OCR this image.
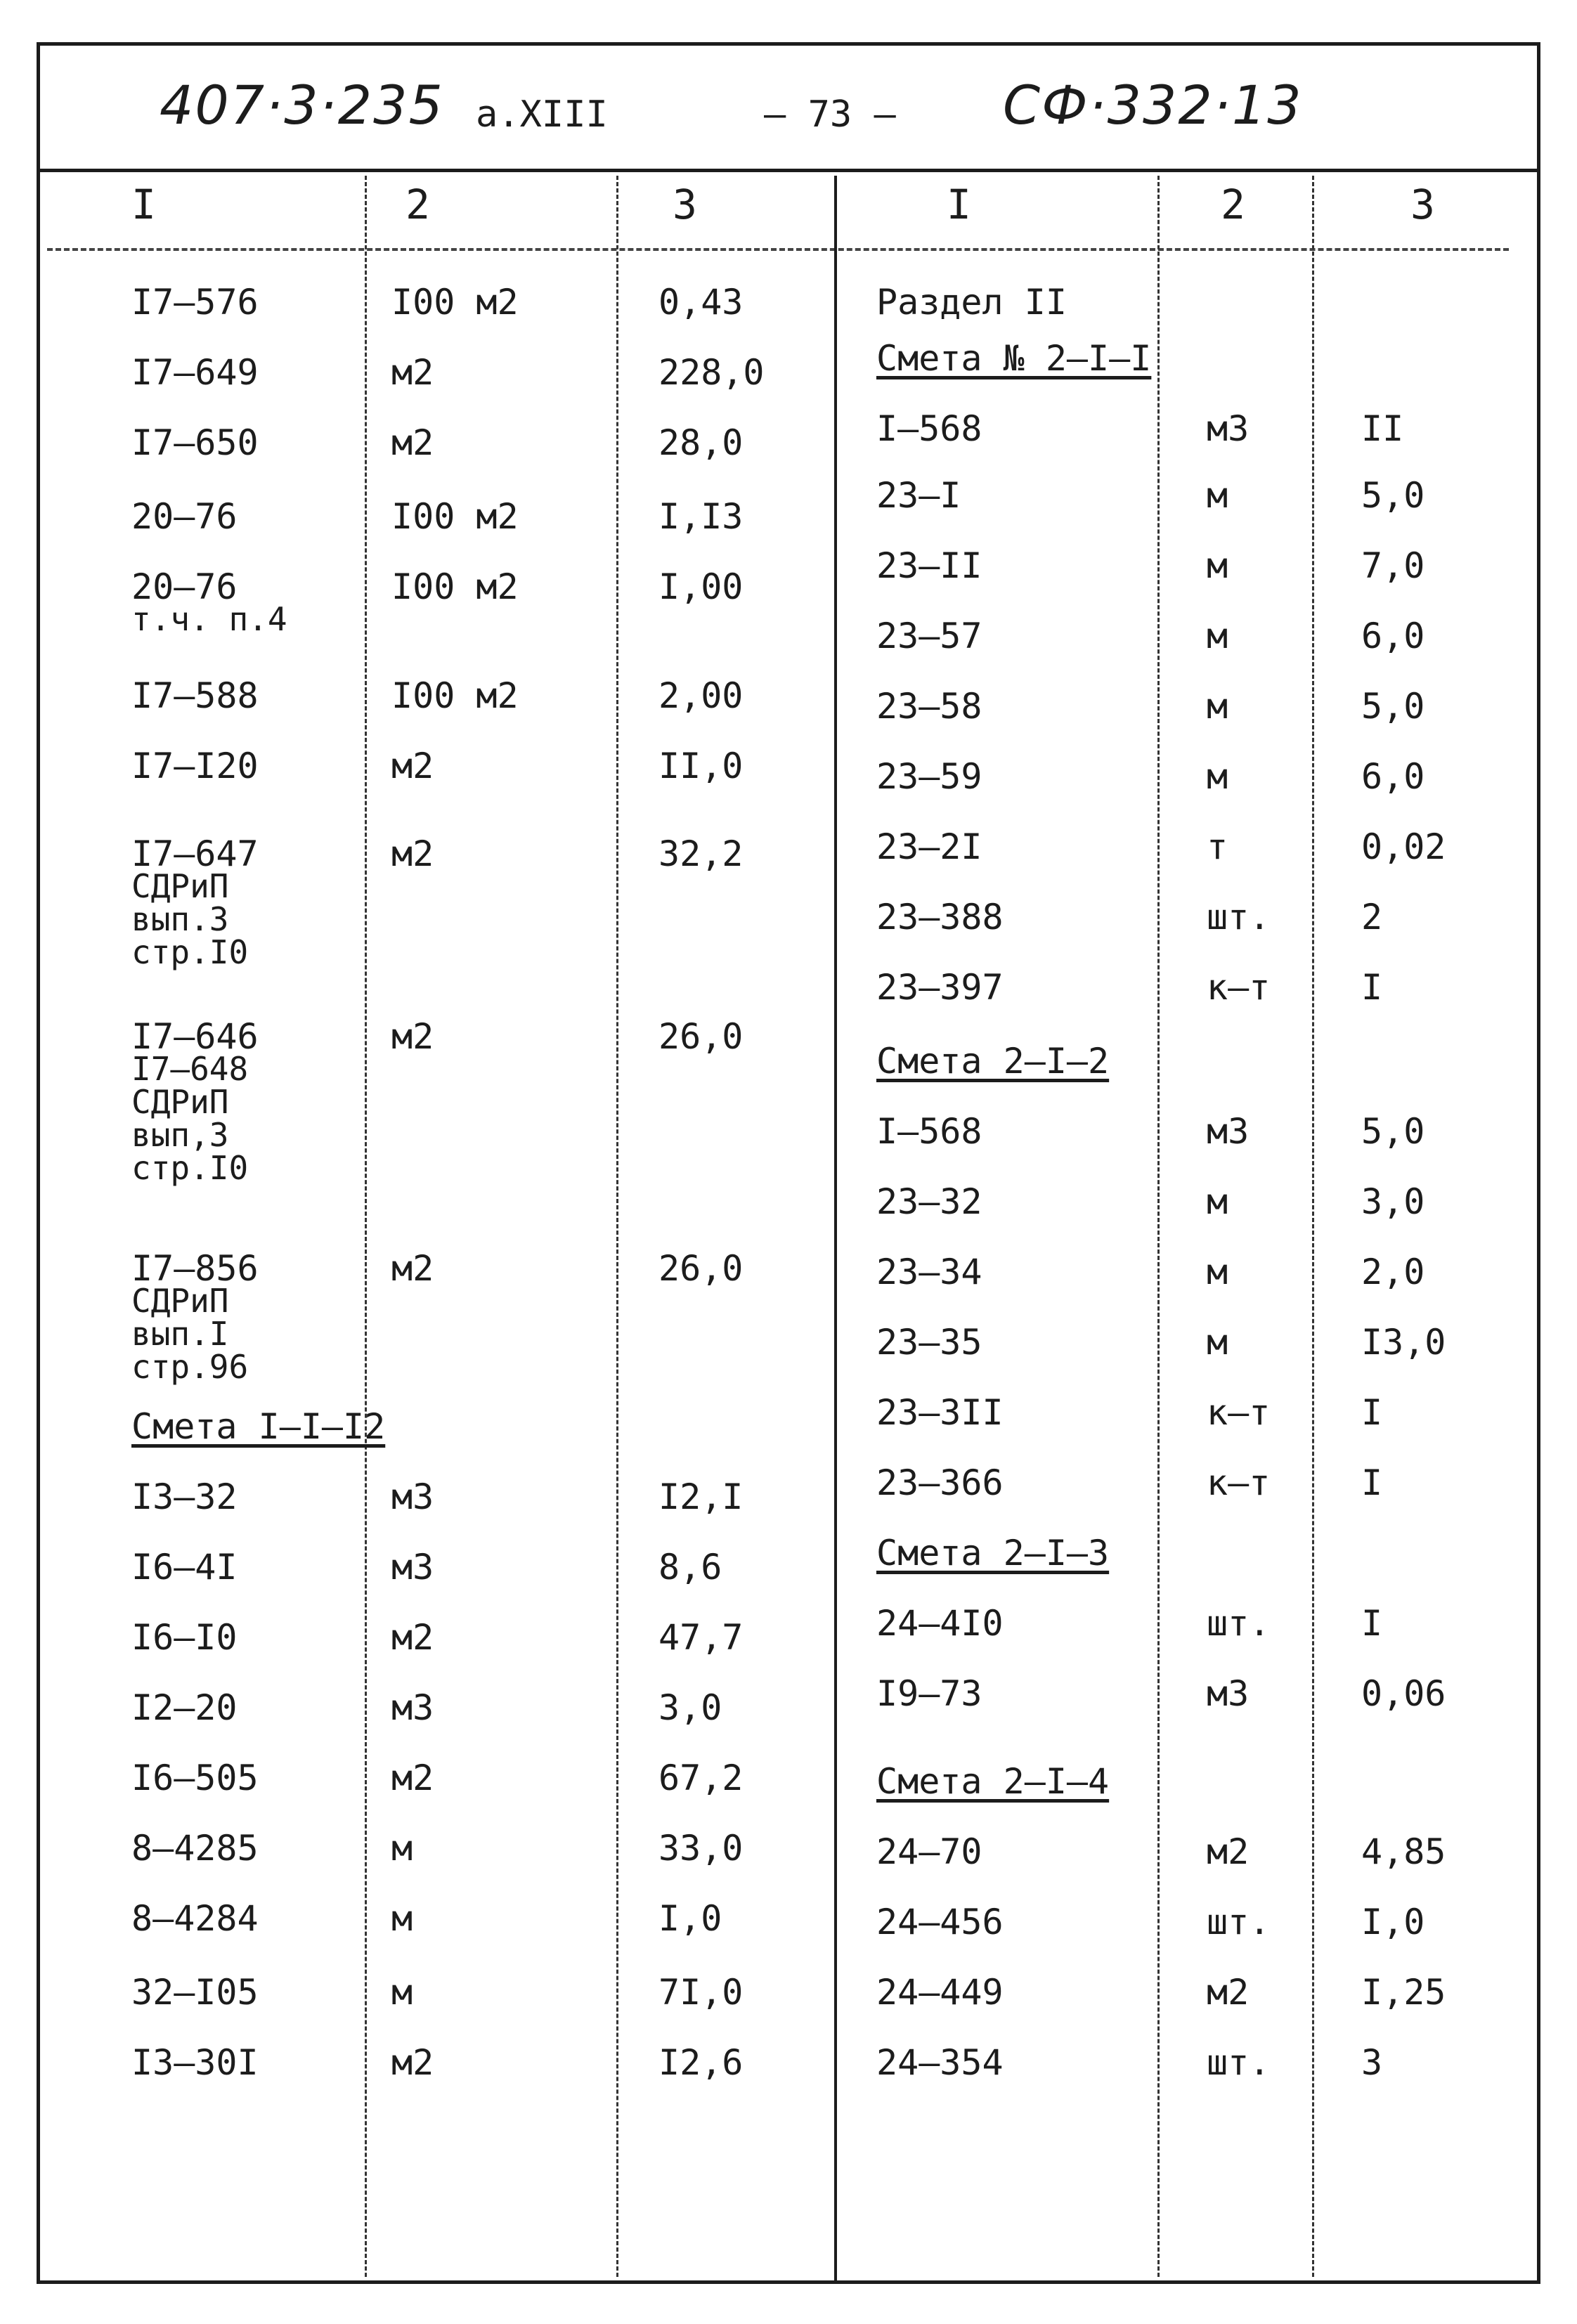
407·3·235 а.XIII	– 73 – СФ·332·13
I	2	3	I	2	3
I7–576	I00 м2	0,43
I7–649	м2	228,0
I7–650	м2	28,0
20–76	I00 м2	I,I3
20–76	I00 м2	I,00
т.ч. п.4
I7–588	I00 м2	2,00
I7–I20	м2	II,0
I7–647	м2	32,2
СДРиП
вып.3
стр.I0
I7–646	м2	26,0
I7–648
СДРиП
вып,3
стр.I0
I7–856	м2	26,0
СДРиП
вып.I
стр.96
Смета I–I–I2
I3–32	м3	I2,I
I6–4I	м3	8,6
I6–I0	м2	47,7
I2–20	м3	3,0
I6–505	м2	67,2
8–4285	м	33,0
8–4284	м	I,0
32–I05	м	7I,0
I3–30I	м2	I2,6
Раздел II
Смета № 2–I–I
I–568	м3	II
23–I	м	5,0
23–II	м	7,0
23–57	м	6,0
23–58	м	5,0
23–59	м	6,0
23–2I	т	0,02
23–388	шт.	2
23–397	к–т	I
Смета 2–I–2
I–568	м3	5,0
23–32	м	3,0
23–34	м	2,0
23–35	м	I3,0
23–3II	к–т	I
23–366	к–т	I
Смета 2–I–3
24–4I0	шт.	I
I9–73	м3	0,06
Смета 2–I–4
24–70	м2	4,85
24–456	шт.	I,0
24–449	м2	I,25
24–354	шт.	3
